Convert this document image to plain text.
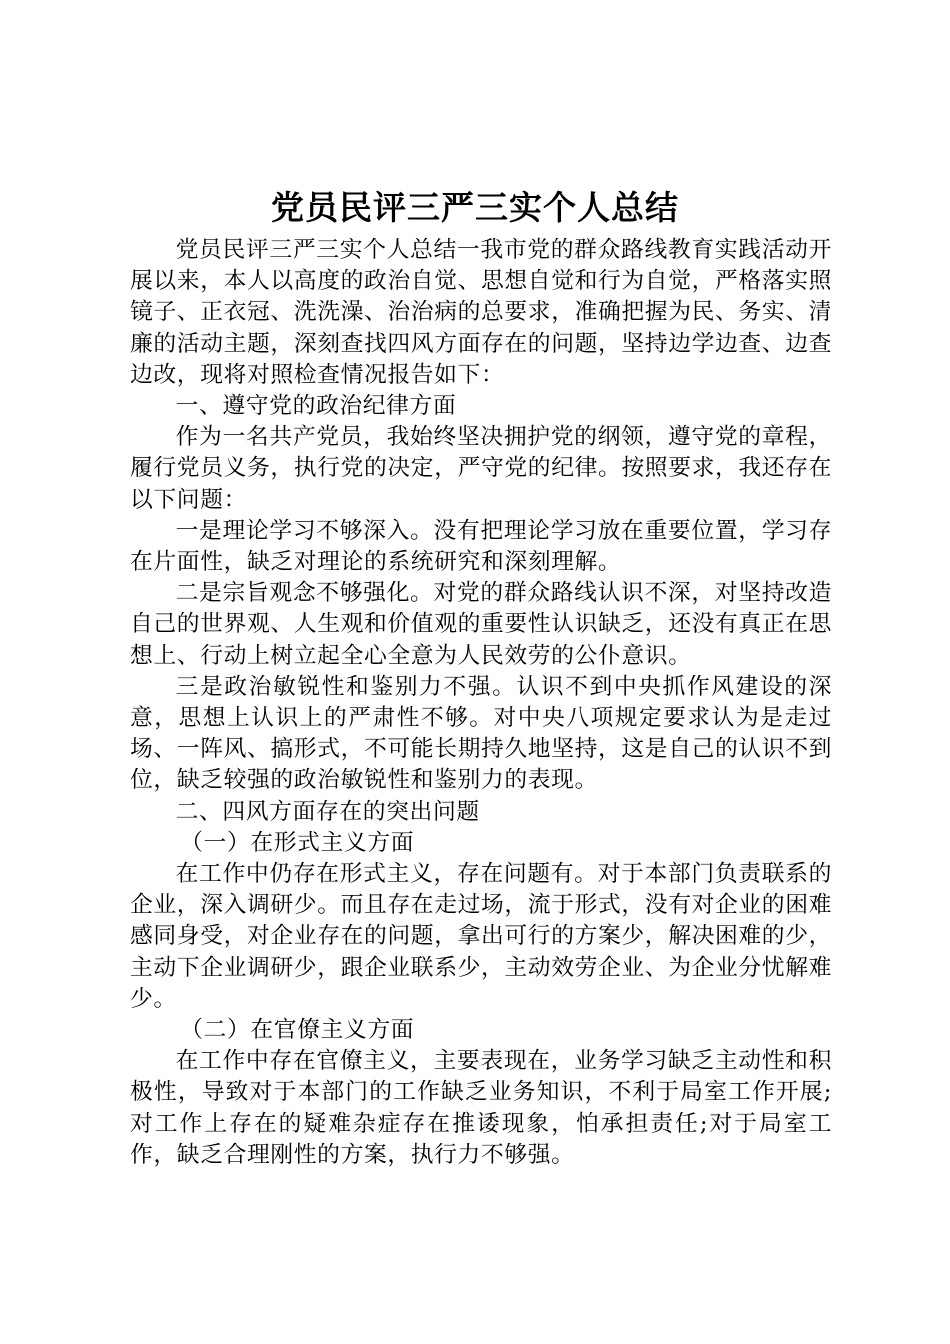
党员民评三严三实个人总结

党员民评三严三实个人总结一我市党的群众路线教育实践活动开展以来，本人以高度的政治自觉、思想自觉和行为自觉，严格落实照镜子、正衣冠、洗洗澡、治治病的总要求，准确把握为民、务实、清廉的活动主题，深刻查找四风方面存在的问题，坚持边学边查、边查边改，现将对照检查情况报告如下：

一、遵守党的政治纪律方面

作为一名共产党员，我始终坚决拥护党的纲领，遵守党的章程，履行党员义务，执行党的决定，严守党的纪律。按照要求，我还存在以下问题：

一是理论学习不够深入。没有把理论学习放在重要位置，学习存在片面性，缺乏对理论的系统研究和深刻理解。

二是宗旨观念不够强化。对党的群众路线认识不深，对坚持改造自己的世界观、人生观和价值观的重要性认识缺乏，还没有真正在思想上、行动上树立起全心全意为人民效劳的公仆意识。

三是政治敏锐性和鉴别力不强。认识不到中央抓作风建设的深意，思想上认识上的严肃性不够。对中央八项规定要求认为是走过场、一阵风、搞形式，不可能长期持久地坚持，这是自己的认识不到位，缺乏较强的政治敏锐性和鉴别力的表现。

二、四风方面存在的突出问题

（一）在形式主义方面

在工作中仍存在形式主义，存在问题有。对于本部门负责联系的企业，深入调研少。而且存在走过场，流于形式，没有对企业的困难感同身受，对企业存在的问题，拿出可行的方案少，解决困难的少，主动下企业调研少，跟企业联系少，主动效劳企业、为企业分忧解难少。

（二）在官僚主义方面

在工作中存在官僚主义，主要表现在，业务学习缺乏主动性和积极性，导致对于本部门的工作缺乏业务知识，不利于局室工作开展;对工作上存在的疑难杂症存在推诿现象，怕承担责任;对于局室工作，缺乏合理刚性的方案，执行力不够强。
